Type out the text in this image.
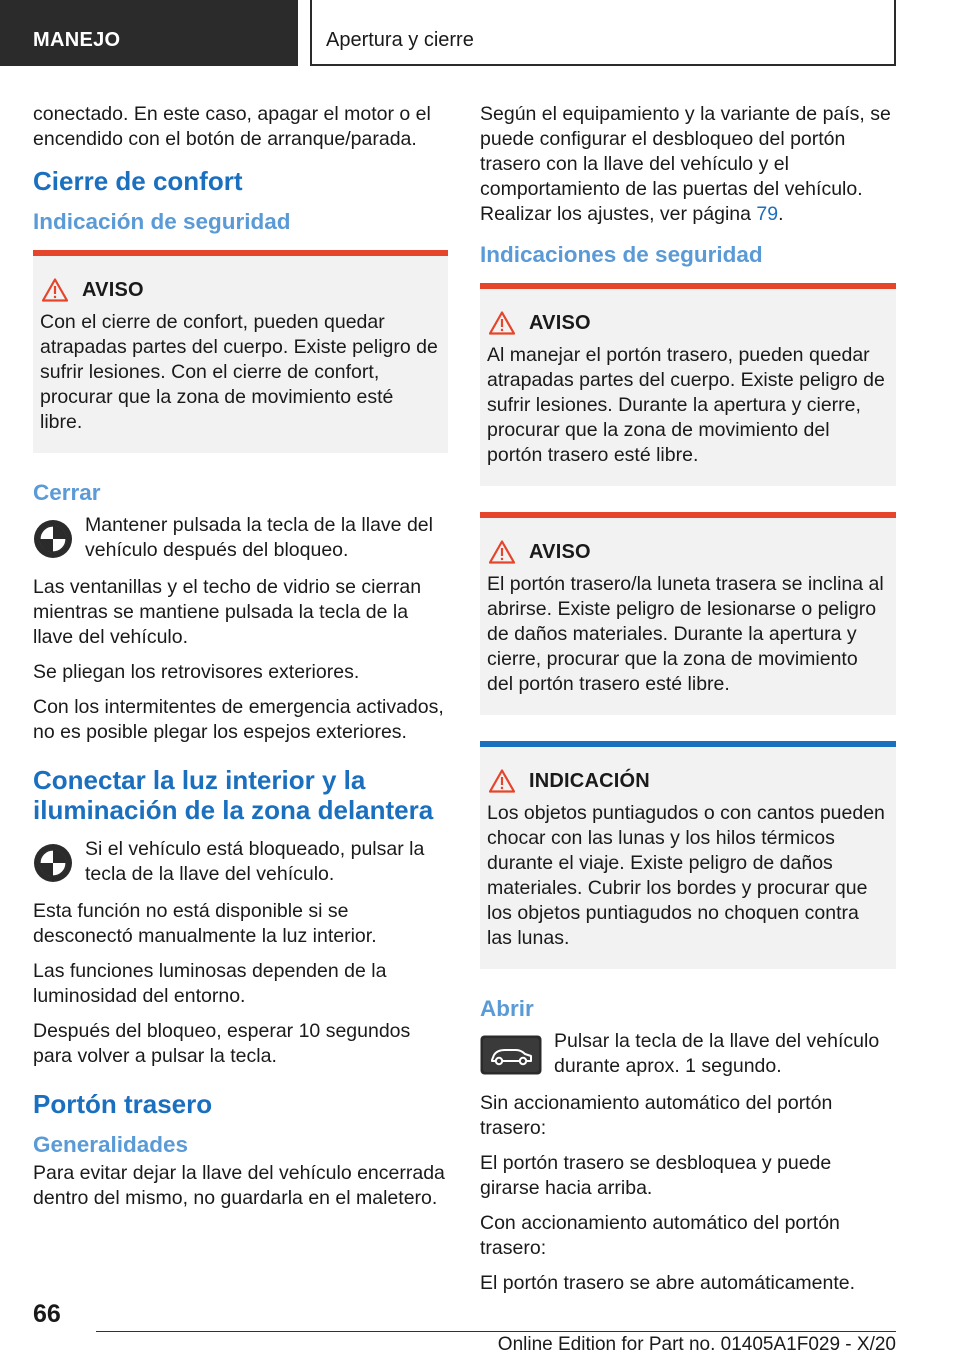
MANEJO	Apertura y cierre

conectado. En este caso, apagar el motor o el encendido con el botón de arranque/parada.

Cierre de confort
Indicación de seguridad
AVISO

Con el cierre de confort, pueden quedar atrapadas partes del cuerpo. Existe peligro de sufrir lesiones. Con el cierre de confort, procurar que la zona de movimiento esté libre.

Cerrar

Mantener pulsada la tecla de la llave del vehículo después del bloqueo.

Las ventanillas y el techo de vidrio se cierran mientras se mantiene pulsada la tecla de la llave del vehículo.

Se pliegan los retrovisores exteriores.

Con los intermitentes de emergencia activados, no es posible plegar los espejos exteriores.

Conectar la luz interior y la iluminación de la zona delantera

Si el vehículo está bloqueado, pulsar la tecla de la llave del vehículo.

Esta función no está disponible si se desconectó manualmente la luz interior.

Las funciones luminosas dependen de la luminosidad del entorno.

Después del bloqueo, esperar 10 segundos para volver a pulsar la tecla.

Portón trasero
Generalidades

Para evitar dejar la llave del vehículo encerrada dentro del mismo, no guardarla en el maletero.

Según el equipamiento y la variante de país, se puede configurar el desbloqueo del portón trasero con la llave del vehículo y el comportamiento de las puertas del vehículo. Realizar los ajustes, ver página 79.

Indicaciones de seguridad
AVISO

Al manejar el portón trasero, pueden quedar atrapadas partes del cuerpo. Existe peligro de sufrir lesiones. Durante la apertura y cierre, procurar que la zona de movimiento del portón trasero esté libre.

AVISO

El portón trasero/la luneta trasera se inclina al abrirse. Existe peligro de lesionarse o peligro de daños materiales. Durante la apertura y cierre, procurar que la zona de movimiento del portón trasero esté libre.

INDICACIÓN

Los objetos puntiagudos o con cantos pueden chocar con las lunas y los hilos térmicos durante el viaje. Existe peligro de daños materiales. Cubrir los bordes y procurar que los objetos puntiagudos no choquen contra las lunas.

Abrir

Pulsar la tecla de la llave del vehículo durante aprox. 1 segundo.

Sin accionamiento automático del portón trasero:

El portón trasero se desbloquea y puede girarse hacia arriba.

Con accionamiento automático del portón trasero:

El portón trasero se abre automáticamente.

66
Online Edition for Part no. 01405A1F029 - X/20
